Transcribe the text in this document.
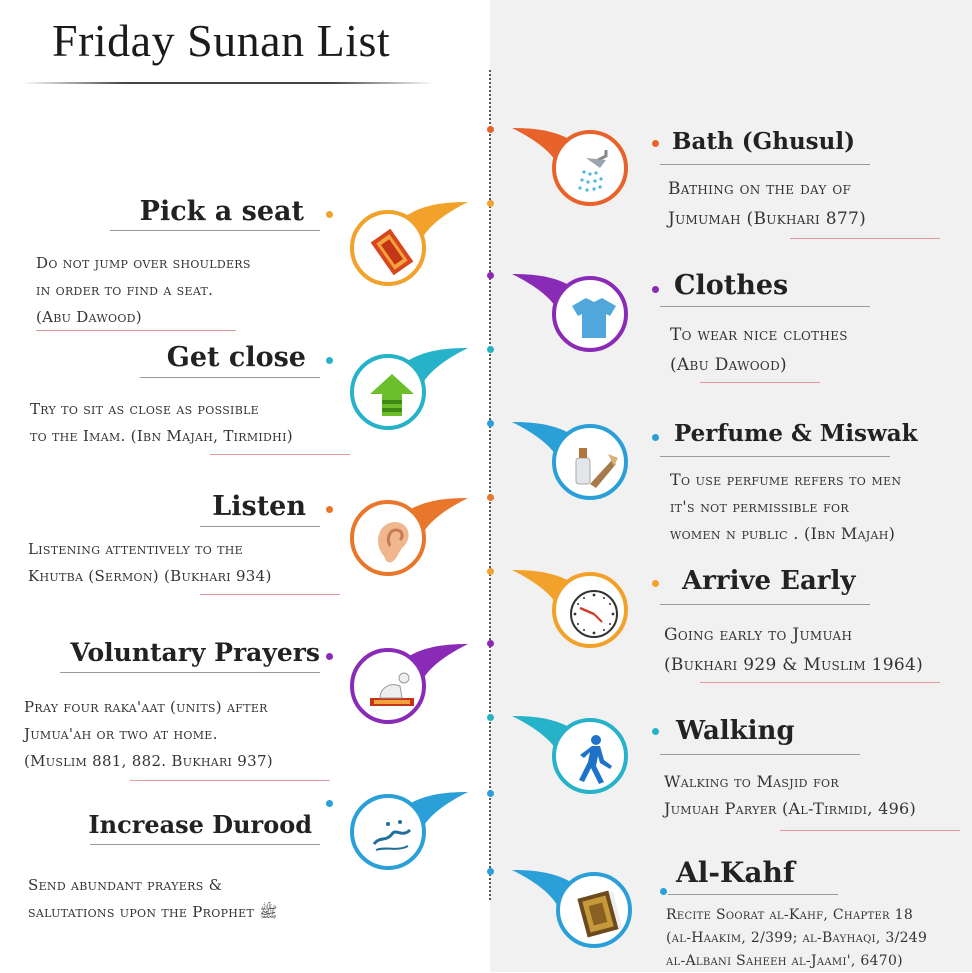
Friday Sunan List
Pick a seat
Do not jump over shoulders
in order to find a seat.
(Abu Dawood)
Get close
Try to sit as close as possible
to the Imam. (Ibn Majah, Tirmidhi)
Listen
Listening attentively to the
Khutba (Sermon) (Bukhari 934)
Voluntary Prayers
Pray four raka'aat (units) after
Jumua'ah or two at home.
(Muslim 881, 882. Bukhari 937)
Increase Durood
Send abundant prayers &
salutations upon the Prophet ﷺ
Bath (Ghusul)
Bathing on the day of
Jumumah (Bukhari 877)
Clothes
To wear nice clothes
(Abu Dawood)
Perfume & Miswak
To use perfume refers to men
it's not permissible for
women n public . (Ibn Majah)
Arrive Early
Going early to Jumuah
(Bukhari 929 & Muslim 1964)
Walking
Walking to Masjid for
Jumuah Paryer (Al-Tirmidi, 496)
Al-Kahf
Recite Soorat al-Kahf, Chapter 18
(al-Haakim, 2/399; al-Bayhaqi, 3/249
al-Albani Saheeh al-Jaami', 6470)
